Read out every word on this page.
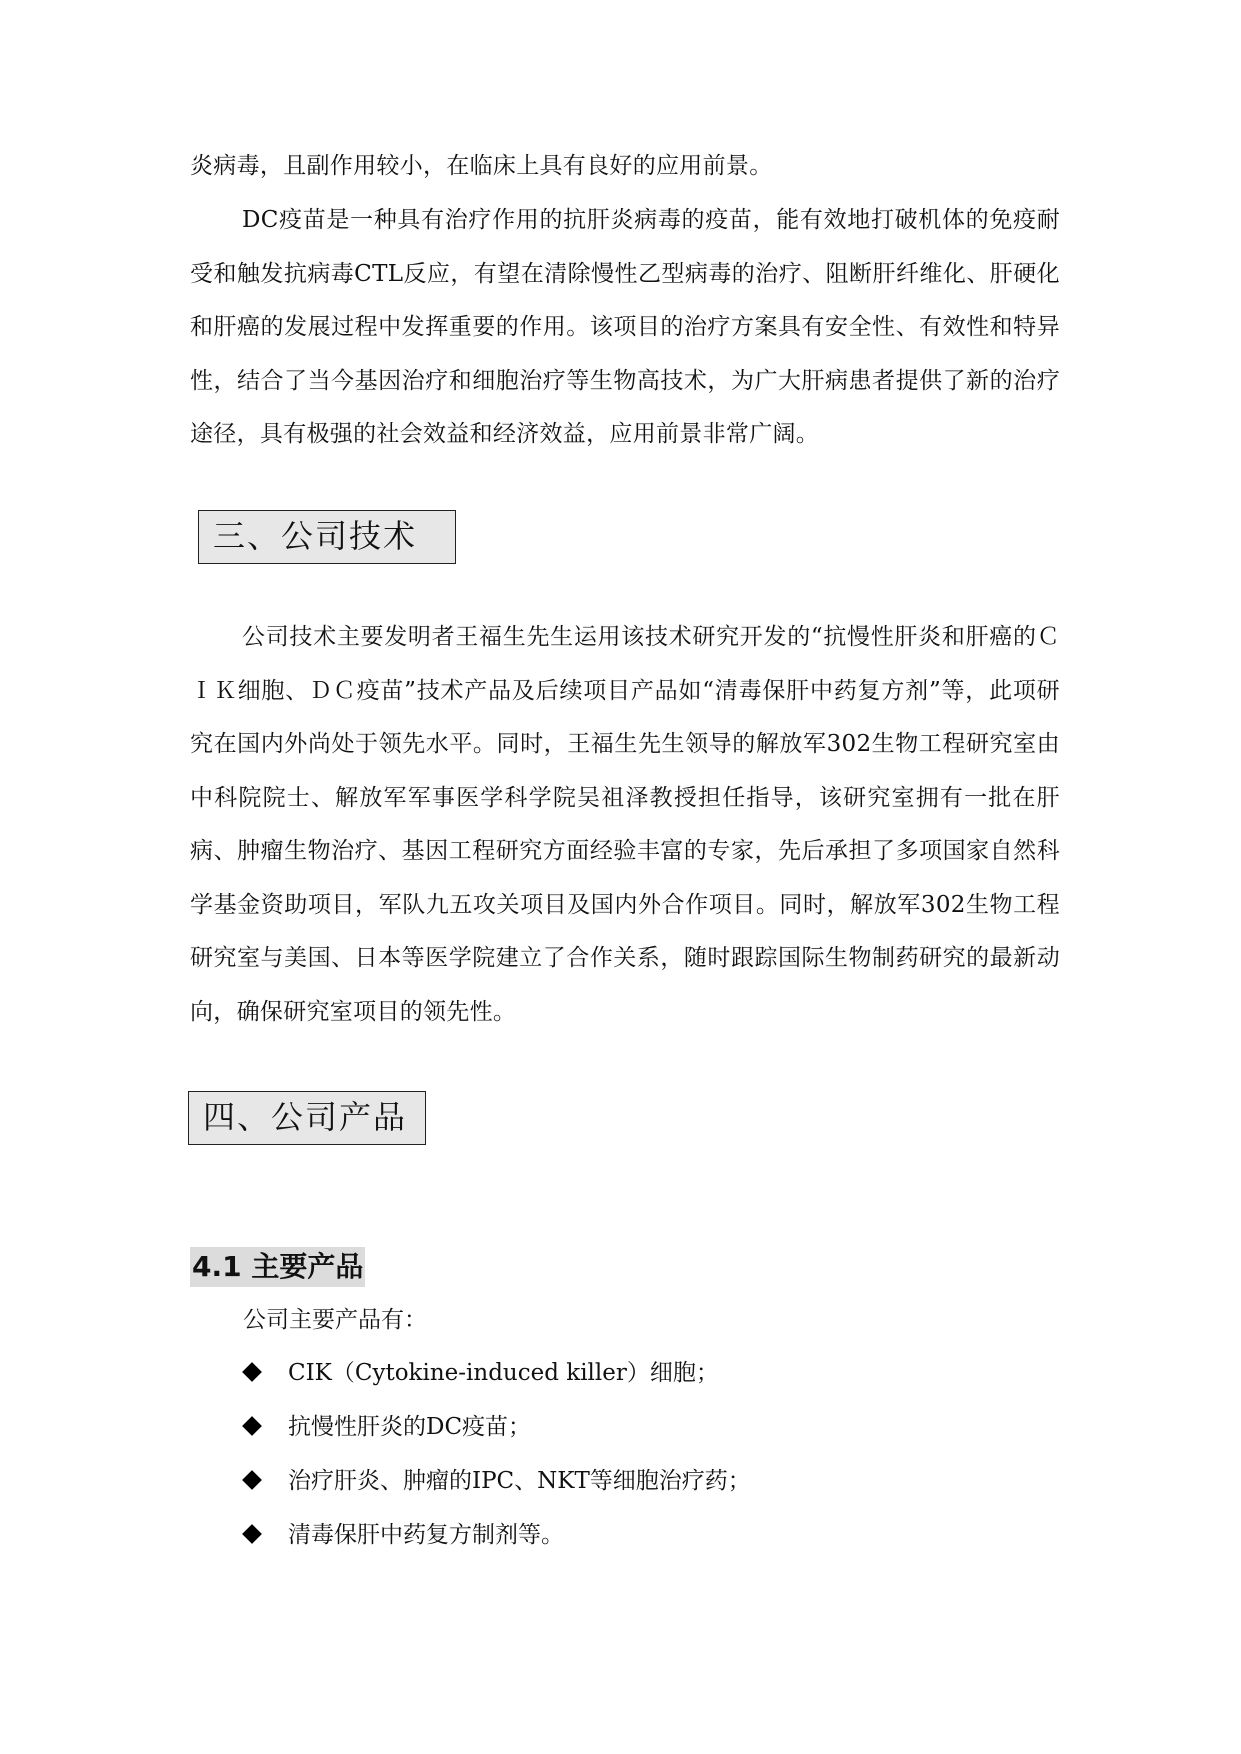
炎病毒，且副作用较小，在临床上具有良好的应用前景。

DC疫苗是一种具有治疗作用的抗肝炎病毒的疫苗，能有效地打破机体的免疫耐受和触发抗病毒CTL反应，有望在清除慢性乙型病毒的治疗、阻断肝纤维化、肝硬化和肝癌的发展过程中发挥重要的作用。该项目的治疗方案具有安全性、有效性和特异性，结合了当今基因治疗和细胞治疗等生物高技术，为广大肝病患者提供了新的治疗途径，具有极强的社会效益和经济效益，应用前景非常广阔。

三、公司技术

公司技术主要发明者王福生先生运用该技术研究开发的“抗慢性肝炎和肝癌的ＣＩＫ细胞、ＤＣ疫苗”技术产品及后续项目产品如“清毒保肝中药复方剂”等，此项研究在国内外尚处于领先水平。同时，王福生先生领导的解放军302生物工程研究室由中科院院士、解放军军事医学科学院吴祖泽教授担任指导，该研究室拥有一批在肝病、肿瘤生物治疗、基因工程研究方面经验丰富的专家，先后承担了多项国家自然科学基金资助项目，军队九五攻关项目及国内外合作项目。同时，解放军302生物工程研究室与美国、日本等医学院建立了合作关系，随时跟踪国际生物制药研究的最新动向，确保研究室项目的领先性。

四、公司产品
4.1 主要产品
公司主要产品有：
CIK（Cytokine-induced killer）细胞；
抗慢性肝炎的DC疫苗；
治疗肝炎、肿瘤的IPC、NKT等细胞治疗药；
清毒保肝中药复方制剂等。
